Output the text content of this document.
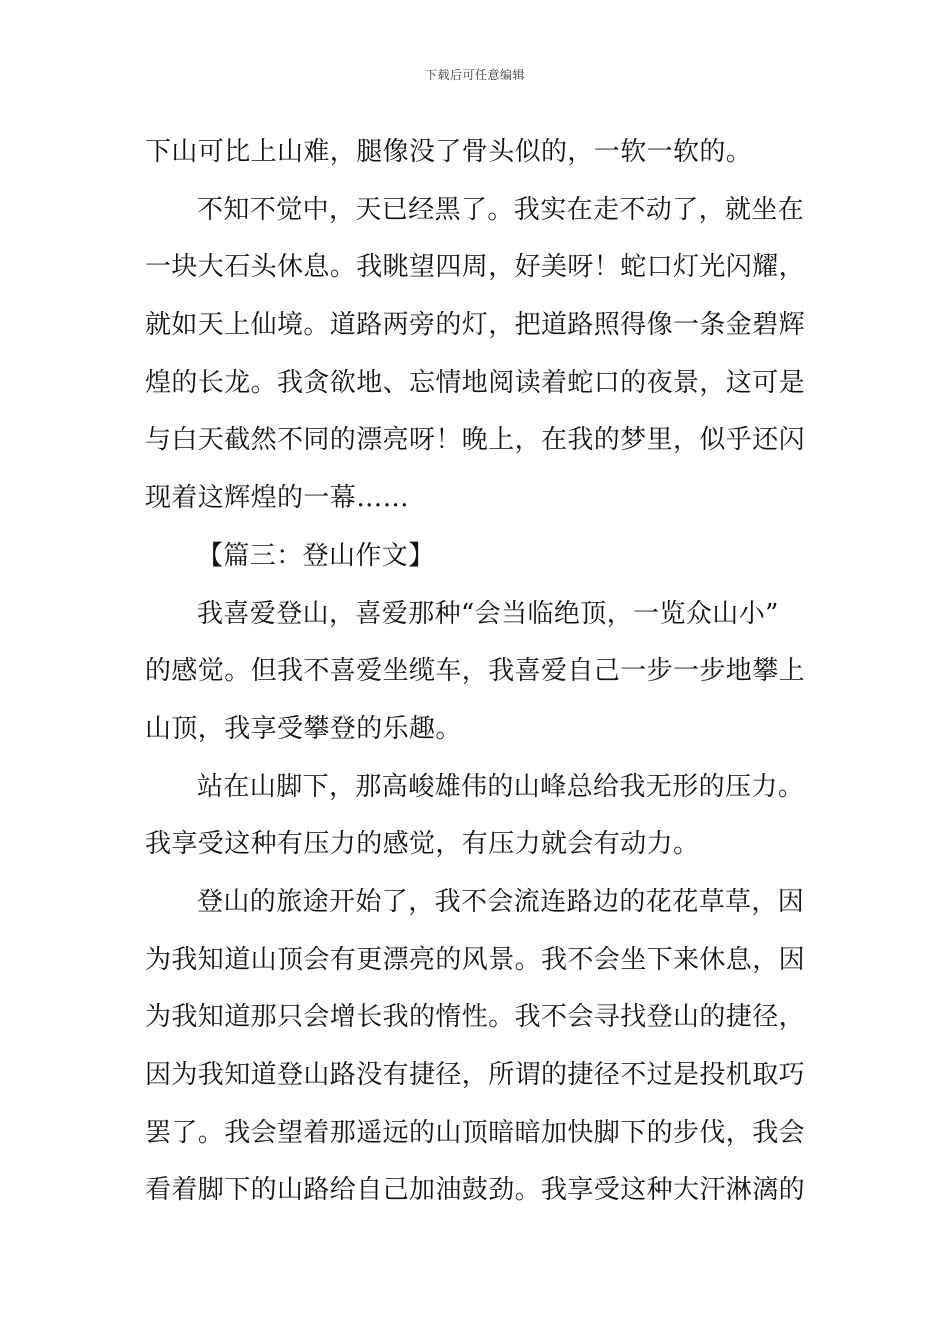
下载后可任意编辑
下山可比上山难，腿像没了骨头似的，一软一软的。
不知不觉中，天已经黑了。我实在走不动了，就坐在
一块大石头休息。我眺望四周，好美呀！蛇口灯光闪耀，
就如天上仙境。道路两旁的灯，把道路照得像一条金碧辉
煌的长龙。我贪欲地、忘情地阅读着蛇口的夜景，这可是
与白天截然不同的漂亮呀！晚上，在我的梦里，似乎还闪
现着这辉煌的一幕……
【篇三：登山作文】
我喜爱登山，喜爱那种“会当临绝顶，一览众山小”
的感觉。但我不喜爱坐缆车，我喜爱自己一步一步地攀上
山顶，我享受攀登的乐趣。
站在山脚下，那高峻雄伟的山峰总给我无形的压力。
我享受这种有压力的感觉，有压力就会有动力。
登山的旅途开始了，我不会流连路边的花花草草，因
为我知道山顶会有更漂亮的风景。我不会坐下来休息，因
为我知道那只会增长我的惰性。我不会寻找登山的捷径，
因为我知道登山路没有捷径，所谓的捷径不过是投机取巧
罢了。我会望着那遥远的山顶暗暗加快脚下的步伐，我会
看着脚下的山路给自己加油鼓劲。我享受这种大汗淋漓的
